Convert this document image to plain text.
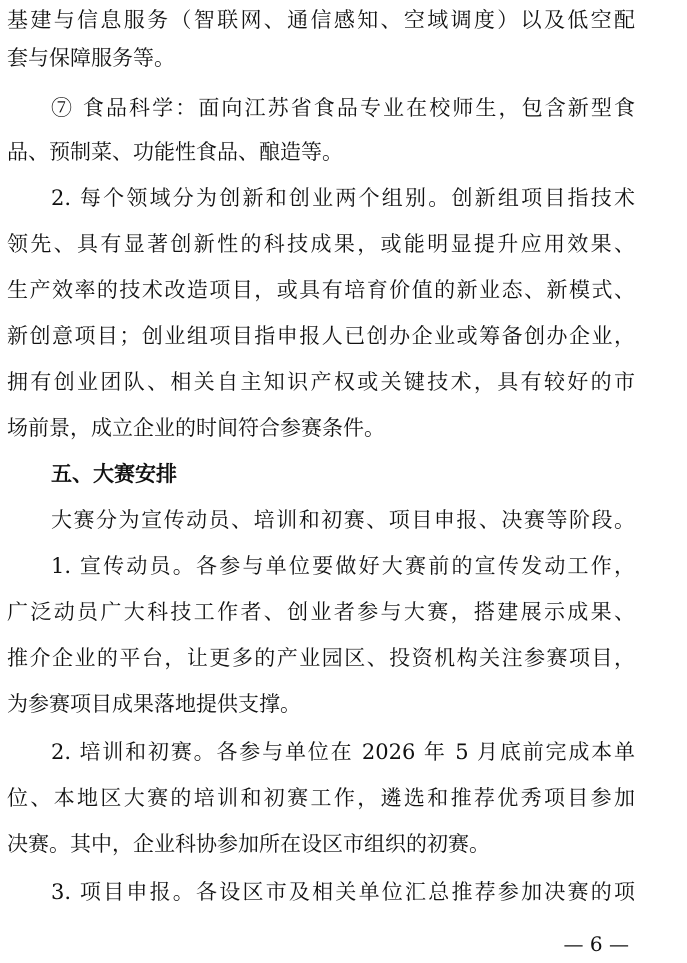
基建与信息服务（智联网、通信感知、空域调度）以及低空配
套与保障服务等。
⑦ 食品科学：面向江苏省食品专业在校师生，包含新型食
品、预制菜、功能性食品、酿造等。
2. 每个领域分为创新和创业两个组别。创新组项目指技术
领先、具有显著创新性的科技成果，或能明显提升应用效果、
生产效率的技术改造项目，或具有培育价值的新业态、新模式、
新创意项目；创业组项目指申报人已创办企业或筹备创办企业，
拥有创业团队、相关自主知识产权或关键技术，具有较好的市
场前景，成立企业的时间符合参赛条件。
五、大赛安排
大赛分为宣传动员、培训和初赛、项目申报、决赛等阶段。
1. 宣传动员。各参与单位要做好大赛前的宣传发动工作，
广泛动员广大科技工作者、创业者参与大赛，搭建展示成果、
推介企业的平台，让更多的产业园区、投资机构关注参赛项目，
为参赛项目成果落地提供支撑。
2. 培训和初赛。各参与单位在 2026 年 5 月底前完成本单
位、本地区大赛的培训和初赛工作，遴选和推荐优秀项目参加
决赛。其中，企业科协参加所在设区市组织的初赛。
3. 项目申报。各设区市及相关单位汇总推荐参加决赛的项
— 6 —
